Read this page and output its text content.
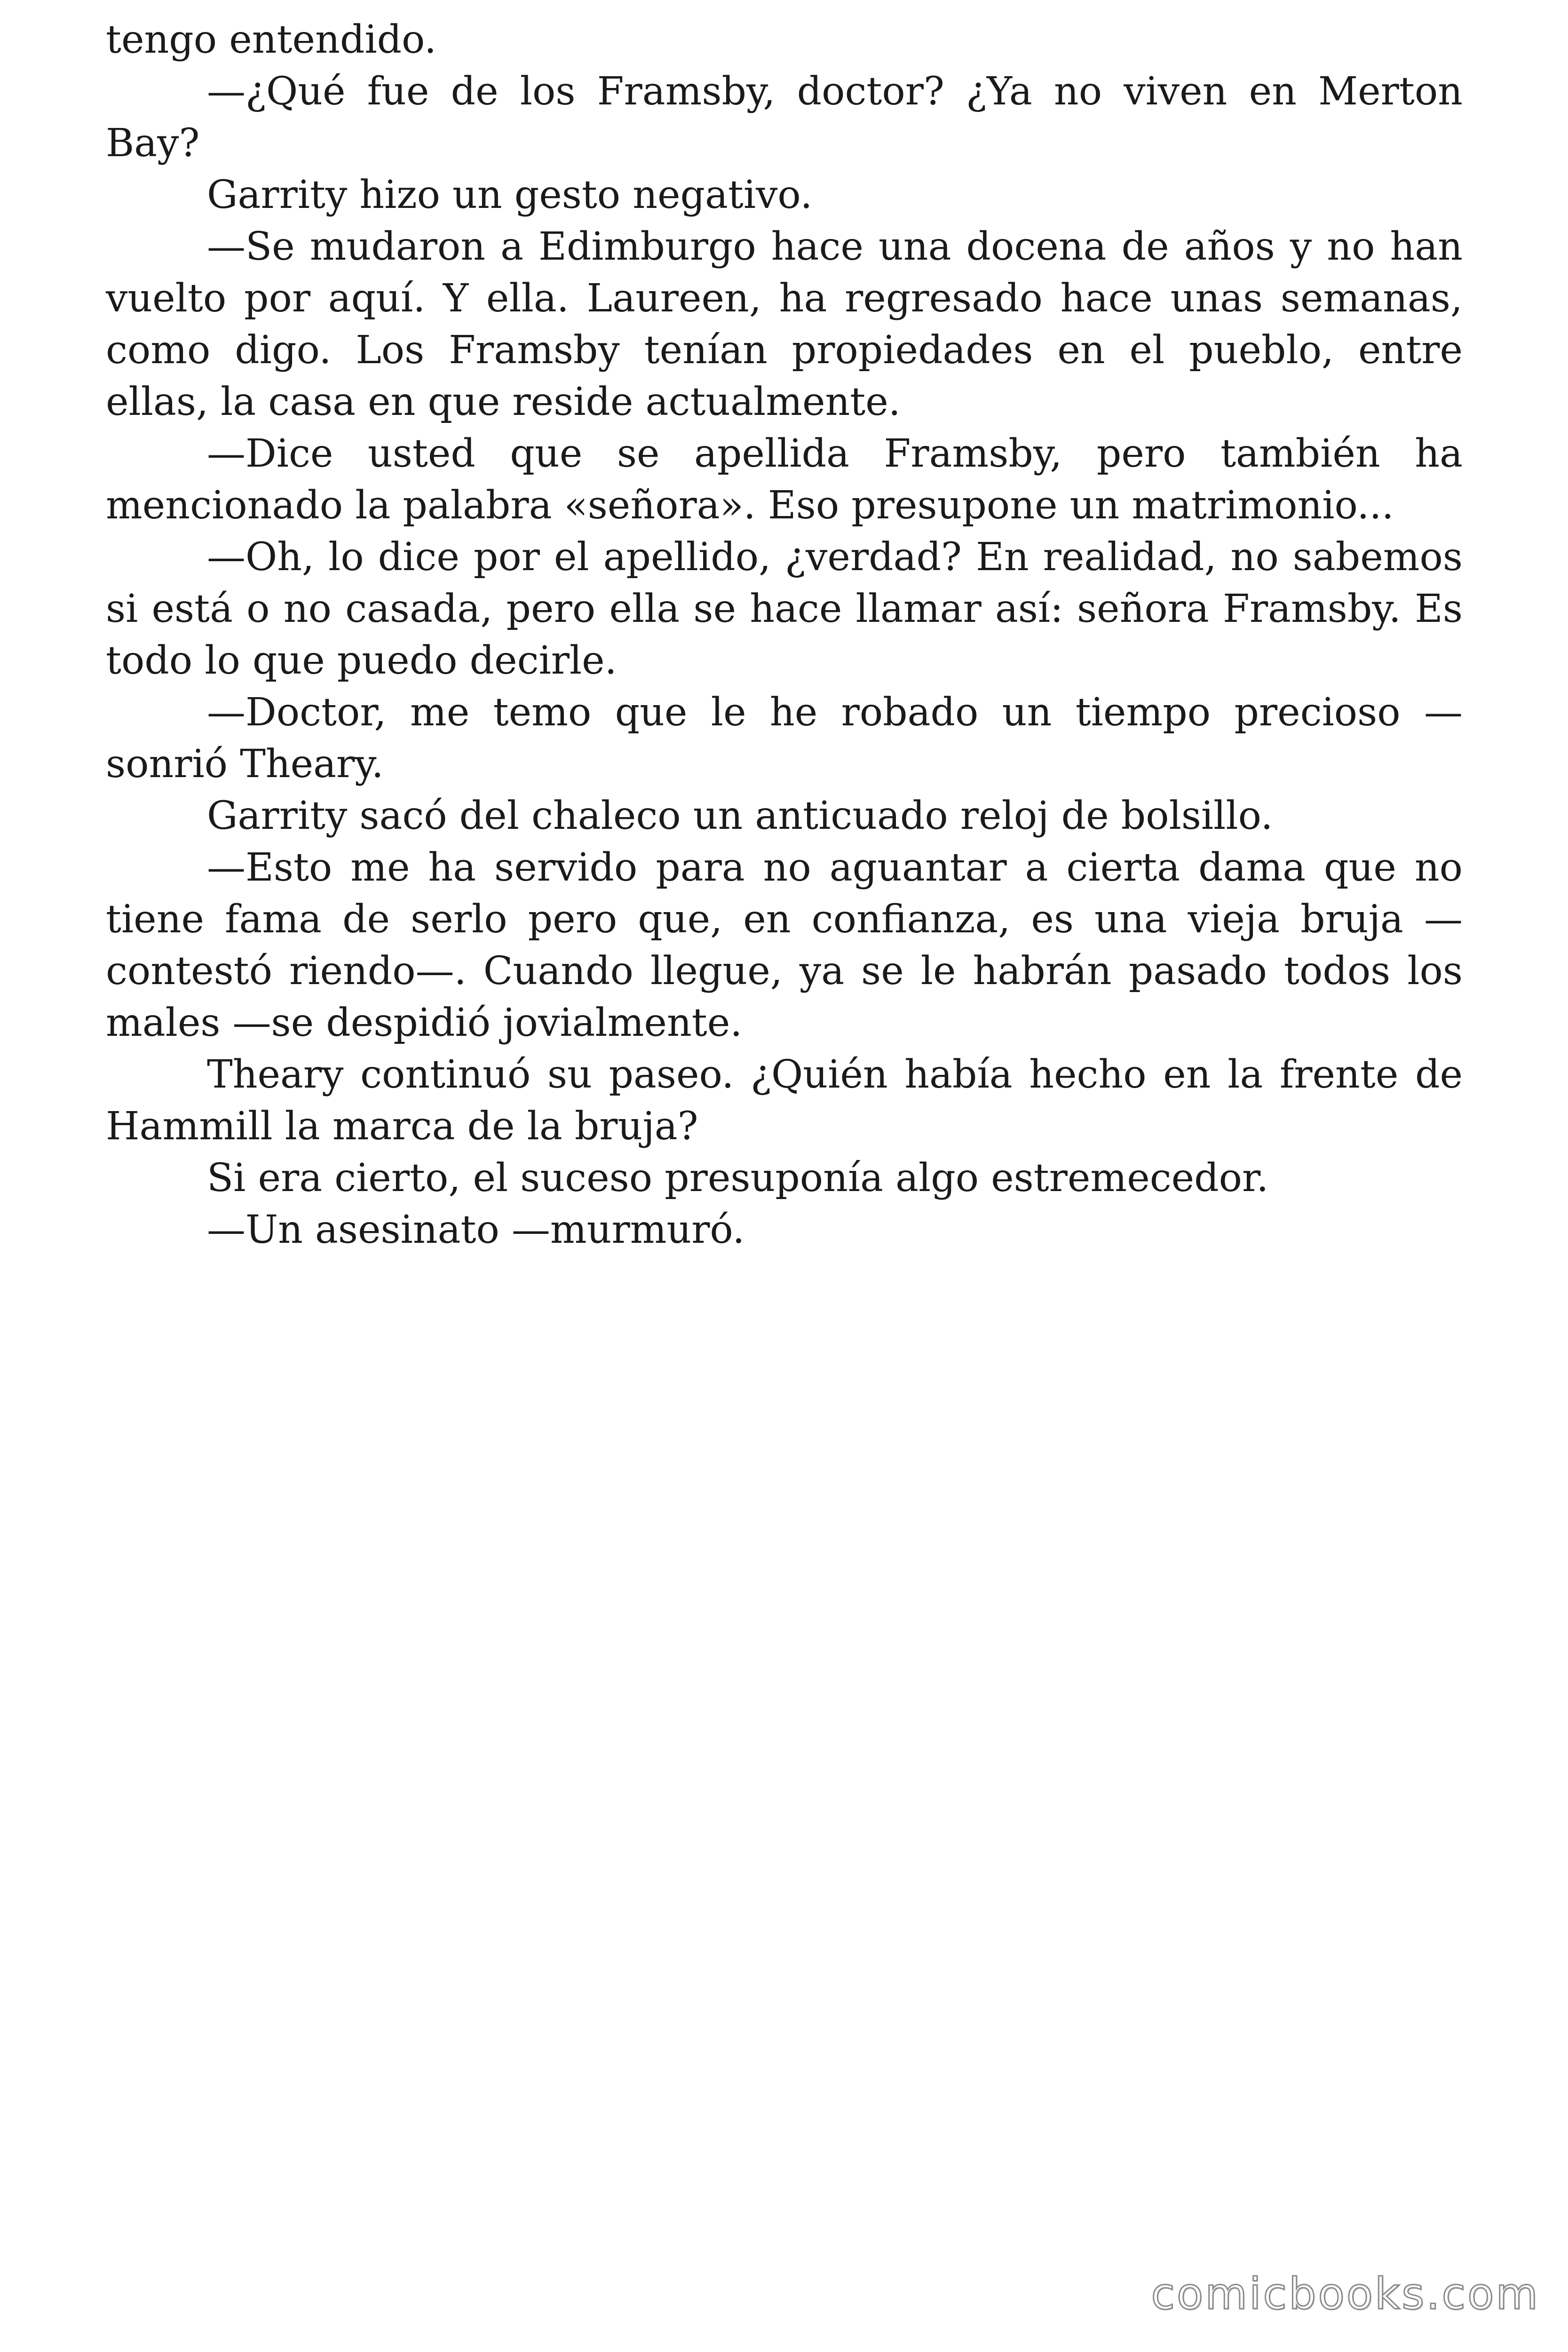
tengo entendido.

—¿Qué fue de los Framsby, doctor? ¿Ya no viven en Merton Bay?

Garrity hizo un gesto negativo.

—Se mudaron a Edimburgo hace una docena de años y no han vuelto por aquí. Y ella. Laureen, ha regresado hace unas semanas, como digo. Los Framsby tenían propiedades en el pueblo, entre ellas, la casa en que reside actualmente.

—Dice usted que se apellida Framsby, pero también ha mencionado la palabra «señora». Eso presupone un matrimonio...

—Oh, lo dice por el apellido, ¿verdad? En realidad, no sabemos si está o no casada, pero ella se hace llamar así: señora Framsby. Es todo lo que puedo decirle.

—Doctor, me temo que le he robado un tiempo precioso —sonrió Theary.

Garrity sacó del chaleco un anticuado reloj de bolsillo.

—Esto me ha servido para no aguantar a cierta dama que no tiene fama de serlo pero que, en confianza, es una vieja bruja —contestó riendo—. Cuando llegue, ya se le habrán pasado todos los males —se despidió jovialmente.

Theary continuó su paseo. ¿Quién había hecho en la frente de Hammill la marca de la bruja?

Si era cierto, el suceso presuponía algo estremecedor.

—Un asesinato —murmuró.

comicbooks.com
